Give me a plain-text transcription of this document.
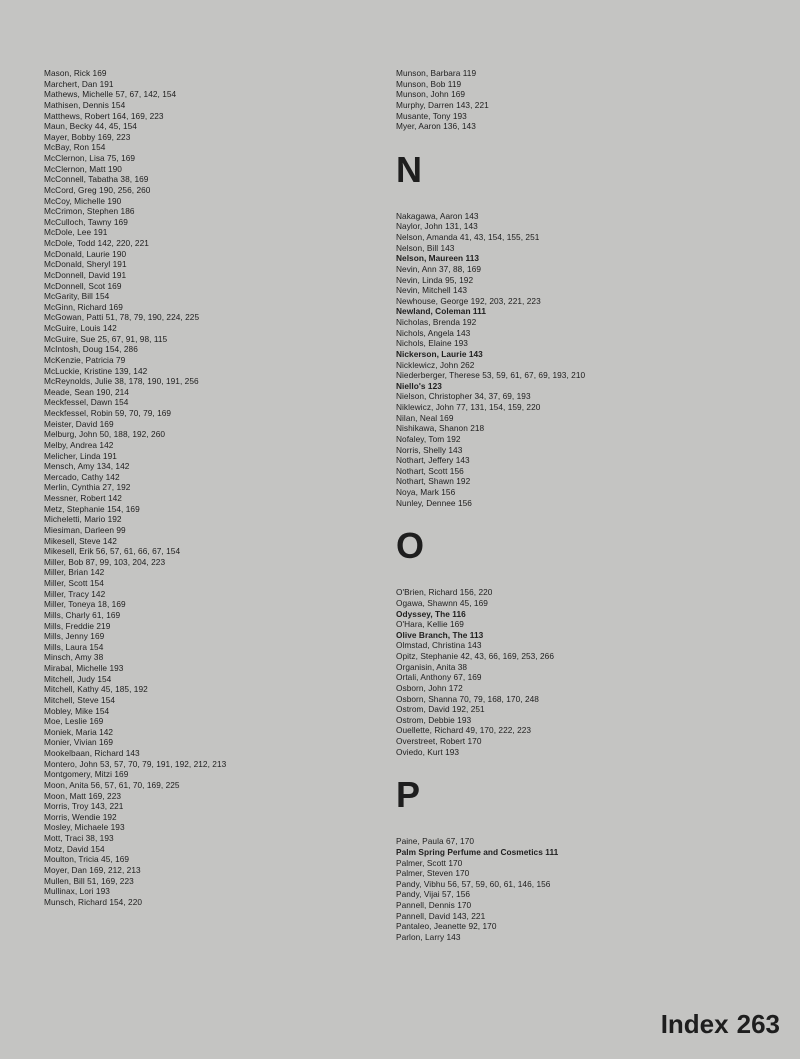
Mason, Rick 169
Marchert, Dan 191
Mathews, Michelle 57, 67, 142, 154
Mathisen, Dennis 154
Matthews, Robert 164, 169, 223
Maun, Becky 44, 45, 154
Mayer, Bobby 169, 223
McBay, Ron 154
McClernon, Lisa 75, 169
McClernon, Matt 190
McConnell, Tabatha 38, 169
McCord, Greg 190, 256, 260
McCoy, Michelle 190
McCrimon, Stephen 186
McCulloch, Tawny 169
McDole, Lee 191
McDole, Todd 142, 220, 221
McDonald, Laurie 190
McDonald, Sheryl 191
McDonnell, David 191
McDonnell, Scot 169
McGarity, Bill 154
McGinn, Richard 169
McGowan, Patti 51, 78, 79, 190, 224, 225
McGuire, Louis 142
McGuire, Sue 25, 67, 91, 98, 115
McIntosh, Doug 154, 286
McKenzie, Patricia 79
McLuckie, Kristine 139, 142
McReynolds, Julie 38, 178, 190, 191, 256
Meade, Sean 190, 214
Meckfessel, Dawn 154
Meckfessel, Robin 59, 70, 79, 169
Meister, David 169
Melburg, John 50, 188, 192, 260
Melby, Andrea 142
Melicher, Linda 191
Mensch, Amy 134, 142
Mercado, Cathy 142
Merlin, Cynthia 27, 192
Messner, Robert 142
Metz, Stephanie 154, 169
Micheletti, Mario 192
Miesiman, Darleen 99
Mikesell, Steve 142
Mikesell, Erik 56, 57, 61, 66, 67, 154
Miller, Bob 87, 99, 103, 204, 223
Miller, Brian 142
Miller, Scott 154
Miller, Tracy 142
Miller, Toneya 18, 169
Mills, Charly 61, 169
Mills, Freddie 219
Mills, Jenny 169
Mills, Laura 154
Minsch, Amy 38
Mirabal, Michelle 193
Mitchell, Judy 154
Mitchell, Kathy 45, 185, 192
Mitchell, Steve 154
Mobley, Mike 154
Moe, Leslie 169
Moniek, Maria 142
Monier, Vivian 169
Mookelbaan, Richard 143
Montero, John 53, 57, 70, 79, 191, 192, 212, 213
Montgomery, Mitzi 169
Moon, Anita 56, 57, 61, 70, 169, 225
Moon, Matt 169, 223
Morris, Troy 143, 221
Morris, Wendie 192
Mosley, Michaele 193
Mott, Traci 38, 193
Motz, David 154
Moulton, Tricia 45, 169
Moyer, Dan 169, 212, 213
Mullen, Bill 51, 169, 223
Mullinax, Lori 193
Munsch, Richard 154, 220
Munson, Barbara 119
Munson, Bob 119
Munson, John 169
Murphy, Darren 143, 221
Musante, Tony 193
Myer, Aaron 136, 143
N
Nakagawa, Aaron 143
Naylor, John 131, 143
Nelson, Amanda 41, 43, 154, 155, 251
Nelson, Bill 143
Nelson, Maureen 113
Nevin, Ann 37, 88, 169
Nevin, Linda 95, 192
Nevin, Mitchell 143
Newhouse, George 192, 203, 221, 223
Newland, Coleman 111
Nicholas, Brenda 192
Nichols, Angela 143
Nichols, Elaine 193
Nickerson, Laurie 143
Nicklewicz, John 262
Niederberger, Therese 53, 59, 61, 67, 69, 193, 210
Niello's 123
Nielson, Christopher 34, 37, 69, 193
Niklewicz, John 77, 131, 154, 159, 220
Nilan, Neal 169
Nishikawa, Shanon 218
Nofaley, Tom 192
Norris, Shelly 143
Nothart, Jeffery 143
Nothart, Scott 156
Nothart, Shawn 192
Noya, Mark 156
Nunley, Dennee 156
O
O'Brien, Richard 156, 220
Ogawa, Shawnn 45, 169
Odyssey, The 116
O'Hara, Kellie 169
Olive Branch, The 113
Olmstad, Christina 143
Opitz, Stephanie 42, 43, 66, 169, 253, 266
Organisin, Anita 38
Ortali, Anthony 67, 169
Osborn, John 172
Osborn, Shanna 70, 79, 168, 170, 248
Ostrom, David 192, 251
Ostrom, Debbie 193
Ouellette, Richard 49, 170, 222, 223
Overstreet, Robert 170
Oviedo, Kurt 193
P
Paine, Paula 67, 170
Palm Spring Perfume and Cosmetics 111
Palmer, Scott 170
Palmer, Steven 170
Pandy, Vibhu 56, 57, 59, 60, 61, 146, 156
Pandy, Vijai 57, 156
Pannell, Dennis 170
Pannell, David 143, 221
Pantaleo, Jeanette 92, 170
Parlon, Larry 143
Index 263
